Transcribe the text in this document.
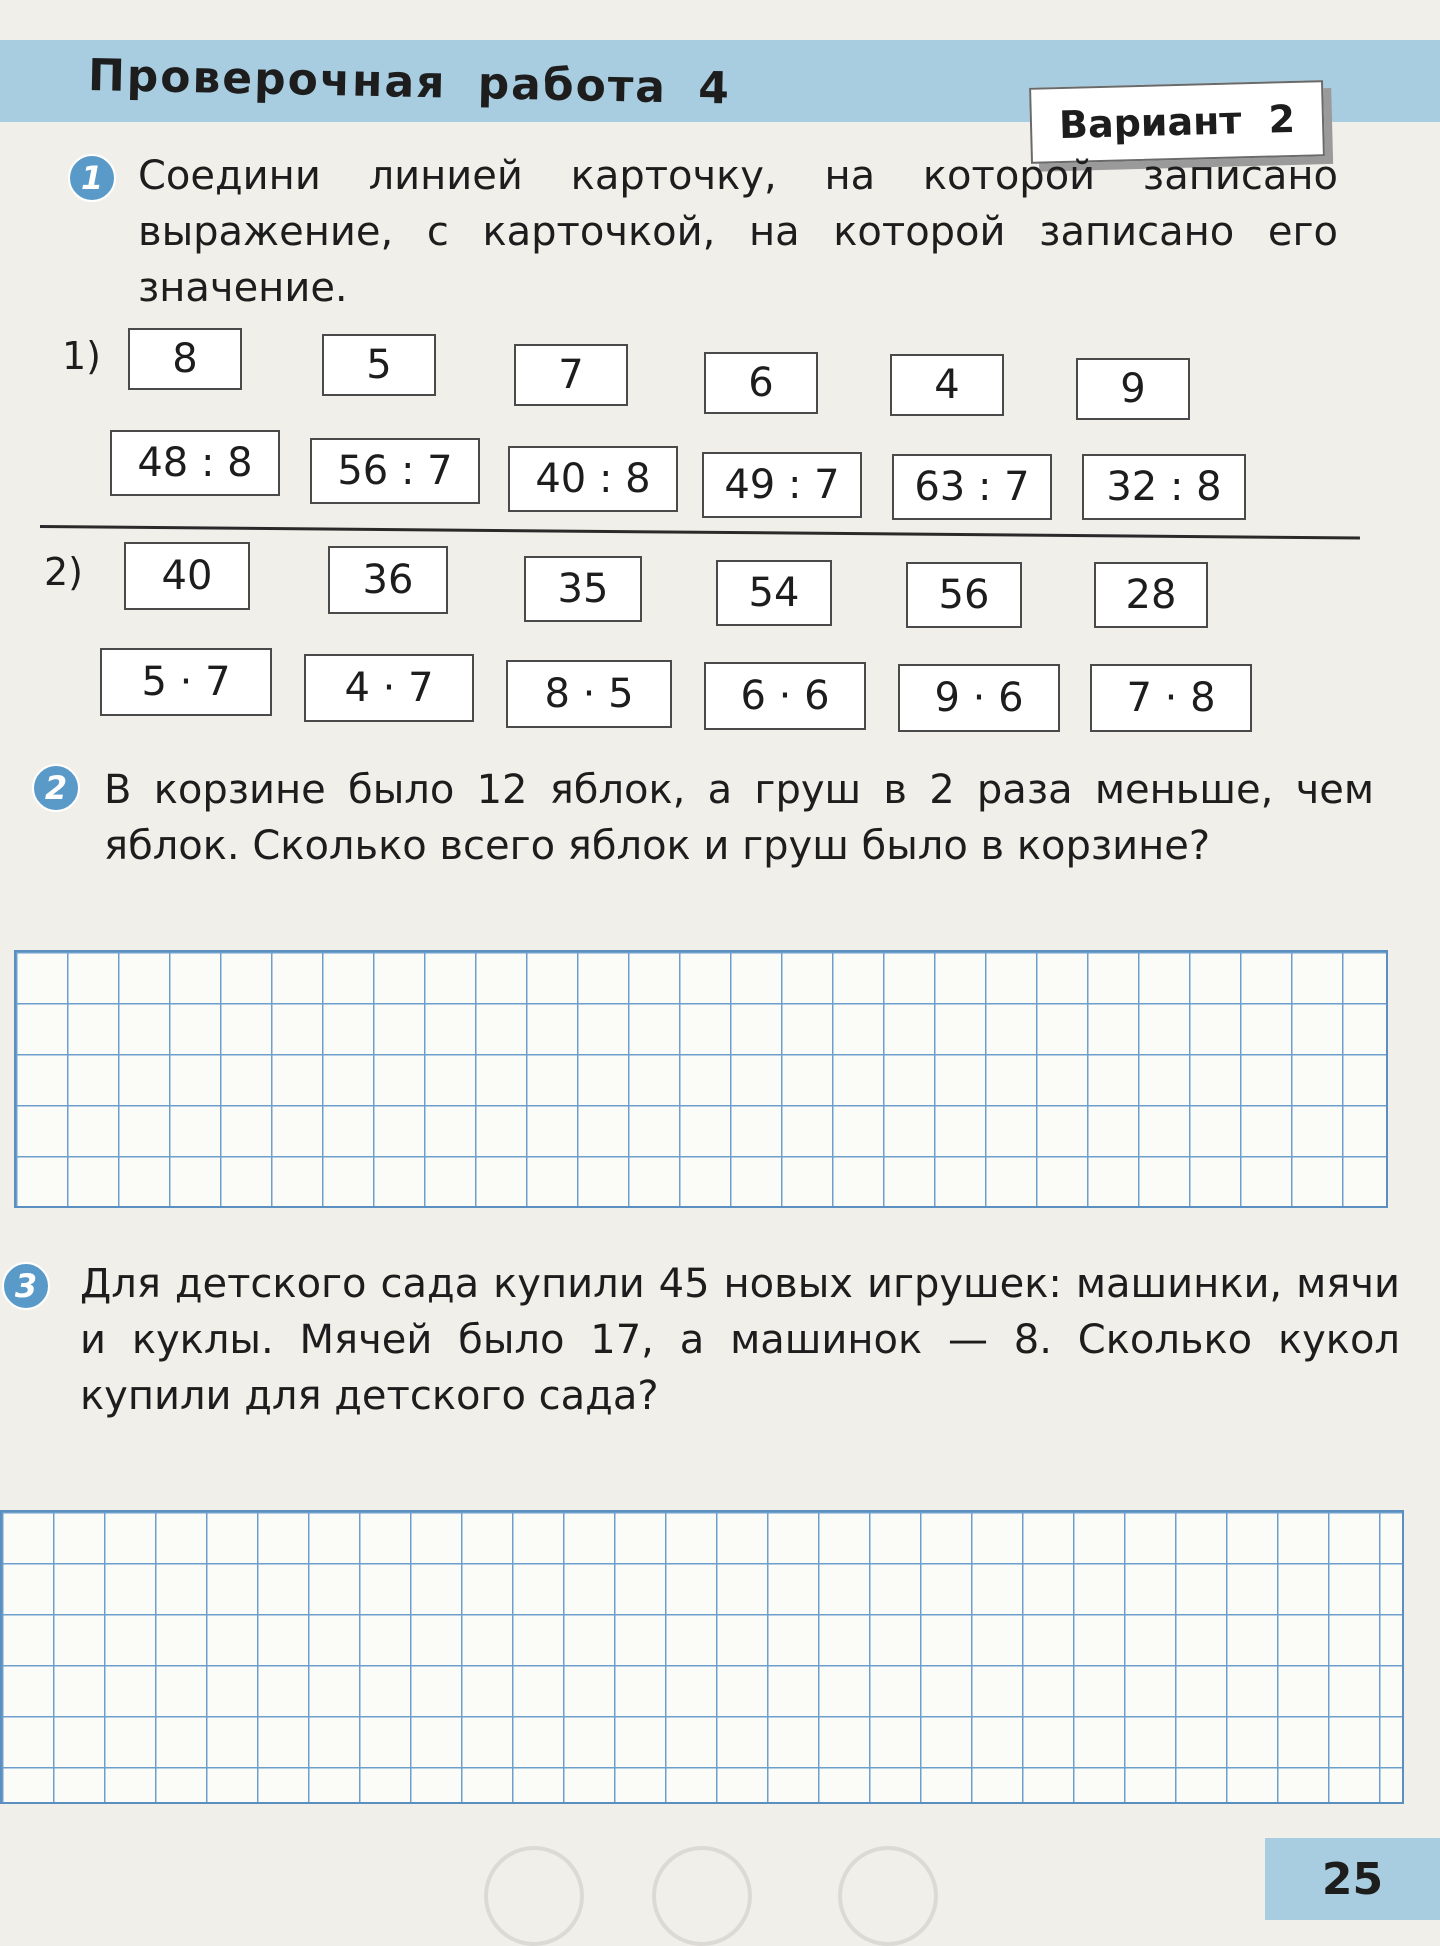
Проверочная работа 4
Вариант 2
1 Соедини линией карточку, на которой записано выражение, с карточкой, на которой записано его значение.
1)	8	5	7	6	4	9
48 : 8	56 : 7	40 : 8	49 : 7	63 : 7	32 : 8
2)	40	36	35	54	56	28
5 · 7	4 · 7	8 · 5	6 · 6	9 · 6	7 · 8
2 В корзине было 12 яблок, а груш в 2 раза меньше, чем яблок. Сколько всего яблок и груш было в корзине?
3	Для детского сада купили 45 новых игрушек: машинки, мячи и куклы. Мячей было 17, а машинок — 8. Сколько кукол купили для детского сада?
25
